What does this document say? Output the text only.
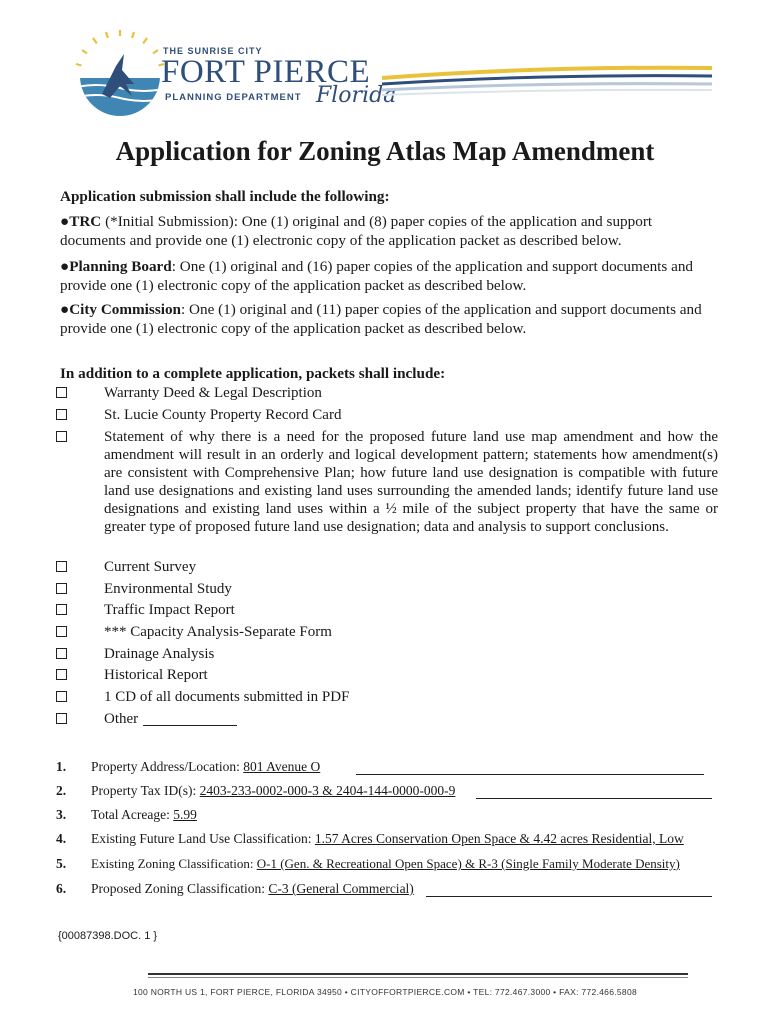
THE SUNRISE CITY
FORT PIERCE
PLANNING DEPARTMENT Florida
Application for Zoning Atlas Map Amendment
Application submission shall include the following:
●TRC (*Initial Submission): One (1) original and (8) paper copies of the application and support documents and provide one (1) electronic copy of the application packet as described below.
●Planning Board: One (1) original and (16) paper copies of the application and support documents and provide one (1) electronic copy of the application packet as described below.
●City Commission: One (1) original and (11) paper copies of the application and support documents and provide one (1) electronic copy of the application packet as described below.
In addition to a complete application, packets shall include:
Warranty Deed & Legal Description
St. Lucie County Property Record Card
Statement of why there is a need for the proposed future land use map amendment and how the amendment will result in an orderly and logical development pattern; statements how amendment(s) are consistent with Comprehensive Plan; how future land use designation is compatible with future land use designations and existing land uses surrounding the amended lands; identify future land use designations and existing land uses within a ½ mile of the subject property that have the same or greater type of proposed future land use designation; data and analysis to support conclusions.
Current Survey
Environmental Study
Traffic Impact Report
*** Capacity Analysis-Separate Form
Drainage Analysis
Historical Report
1 CD of all documents submitted in PDF
Other
1. Property Address/Location: 801 Avenue O
2. Property Tax ID(s): 2403-233-0002-000-3 & 2404-144-0000-000-9
3. Total Acreage: 5.99
4. Existing Future Land Use Classification: 1.57 Acres Conservation Open Space & 4.42 acres Residential, Low
5. Existing Zoning Classification: O-1 (Gen. & Recreational Open Space) & R-3 (Single Family Moderate Density)
6. Proposed Zoning Classification: C-3 (General Commercial)
{00087398.DOC. 1 }
100 NORTH US 1, FORT PIERCE, FLORIDA 34950 • CITYOFFORTPIERCE.COM • TEL: 772.467.3000 • FAX: 772.466.5808
